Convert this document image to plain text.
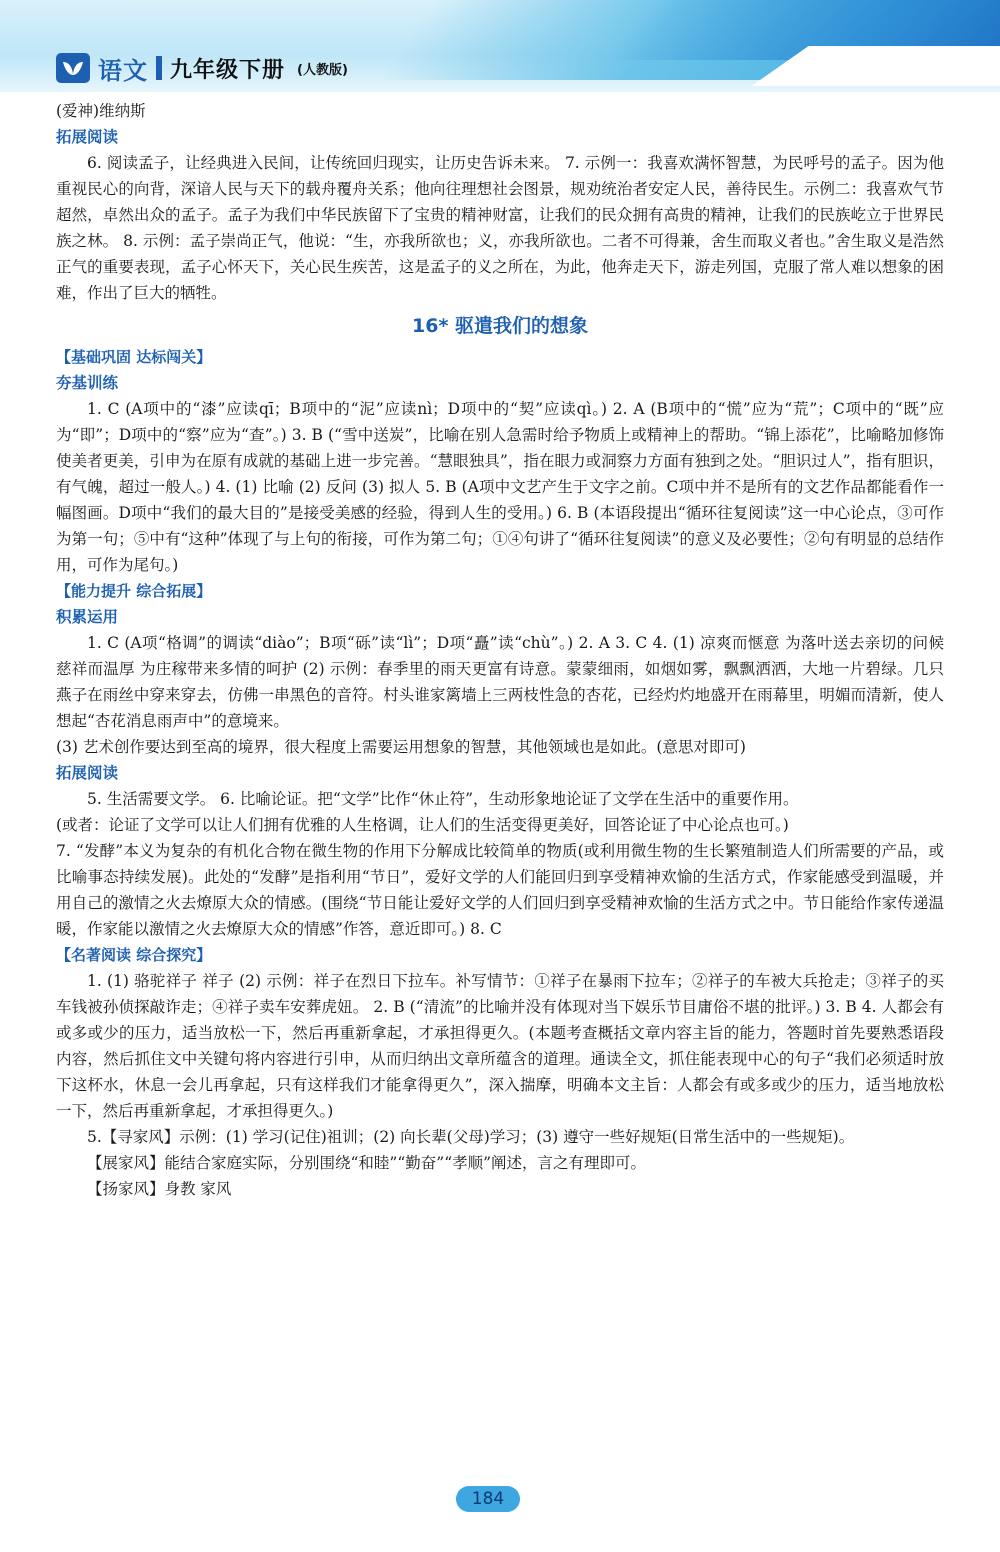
语文 九年级下册 (人教版)

(爱神)维纳斯

拓展阅读

6. 阅读孟子，让经典进入民间，让传统回归现实，让历史告诉未来。 7. 示例一：我喜欢满怀智慧，为民呼号的孟子。因为他重视民心的向背，深谙人民与天下的载舟覆舟关系；他向往理想社会图景，规劝统治者安定人民，善待民生。示例二：我喜欢气节超然，卓然出众的孟子。孟子为我们中华民族留下了宝贵的精神财富，让我们的民众拥有高贵的精神，让我们的民族屹立于世界民族之林。 8. 示例：孟子崇尚正气，他说：“生，亦我所欲也；义，亦我所欲也。二者不可得兼，舍生而取义者也。”舍生取义是浩然正气的重要表现，孟子心怀天下，关心民生疾苦，这是孟子的义之所在，为此，他奔走天下，游走列国，克服了常人难以想象的困难，作出了巨大的牺牲。

16* 驱遣我们的想象

【基础巩固 达标闯关】

夯基训练

1. C (A项中的“漆”应读qī；B项中的“泥”应读nì；D项中的“契”应读qì。) 2. A (B项中的“慌”应为“荒”；C项中的“既”应为“即”；D项中的“察”应为“查”。) 3. B (“雪中送炭”，比喻在别人急需时给予物质上或精神上的帮助。“锦上添花”，比喻略加修饰使美者更美，引申为在原有成就的基础上进一步完善。“慧眼独具”，指在眼力或洞察力方面有独到之处。“胆识过人”，指有胆识，有气魄，超过一般人。) 4. (1) 比喻 (2) 反问 (3) 拟人 5. B (A项中文艺产生于文字之前。C项中并不是所有的文艺作品都能看作一幅图画。D项中“我们的最大目的”是接受美感的经验，得到人生的受用。) 6. B (本语段提出“循环往复阅读”这一中心论点，③可作为第一句；⑤中有“这种”体现了与上句的衔接，可作为第二句；①④句讲了“循环往复阅读”的意义及必要性；②句有明显的总结作用，可作为尾句。)

【能力提升 综合拓展】

积累运用

1. C (A项“格调”的调读“diào”；B项“砾”读“lì”；D项“矗”读“chù”。) 2. A 3. C 4. (1) 凉爽而惬意 为落叶送去亲切的问候 慈祥而温厚 为庄稼带来多情的呵护 (2) 示例：春季里的雨天更富有诗意。蒙蒙细雨，如烟如雾，飘飘洒洒，大地一片碧绿。几只燕子在雨丝中穿来穿去，仿佛一串黑色的音符。村头谁家篱墙上三两枝性急的杏花，已经灼灼地盛开在雨幕里，明媚而清新，使人想起“杏花消息雨声中”的意境来。

(3) 艺术创作要达到至高的境界，很大程度上需要运用想象的智慧，其他领域也是如此。(意思对即可)

拓展阅读

5. 生活需要文学。 6. 比喻论证。把“文学”比作“休止符”，生动形象地论证了文学在生活中的重要作用。

(或者：论证了文学可以让人们拥有优雅的人生格调，让人们的生活变得更美好，回答论证了中心论点也可。)

7. “发酵”本义为复杂的有机化合物在微生物的作用下分解成比较简单的物质(或利用微生物的生长繁殖制造人们所需要的产品，或比喻事态持续发展)。此处的“发酵”是指利用“节日”，爱好文学的人们能回归到享受精神欢愉的生活方式，作家能感受到温暖，并用自己的激情之火去燎原大众的情感。(围绕“节日能让爱好文学的人们回归到享受精神欢愉的生活方式之中。节日能给作家传递温暖，作家能以激情之火去燎原大众的情感”作答，意近即可。) 8. C

【名著阅读 综合探究】

1. (1) 骆驼祥子 祥子 (2) 示例：祥子在烈日下拉车。补写情节：①祥子在暴雨下拉车；②祥子的车被大兵抢走；③祥子的买车钱被孙侦探敲诈走；④祥子卖车安葬虎妞。 2. B (“清流”的比喻并没有体现对当下娱乐节目庸俗不堪的批评。) 3. B 4. 人都会有或多或少的压力，适当放松一下，然后再重新拿起，才承担得更久。(本题考查概括文章内容主旨的能力，答题时首先要熟悉语段内容，然后抓住文中关键句将内容进行引申，从而归纳出文章所蕴含的道理。通读全文，抓住能表现中心的句子“我们必须适时放下这杯水，休息一会儿再拿起，只有这样我们才能拿得更久”，深入揣摩，明确本文主旨：人都会有或多或少的压力，适当地放松一下，然后再重新拿起，才承担得更久。)

5.【寻家风】示例：(1) 学习(记住)祖训；(2) 向长辈(父母)学习；(3) 遵守一些好规矩(日常生活中的一些规矩)。

【展家风】能结合家庭实际，分别围绕“和睦”“勤奋”“孝顺”阐述，言之有理即可。

【扬家风】身教 家风

184
